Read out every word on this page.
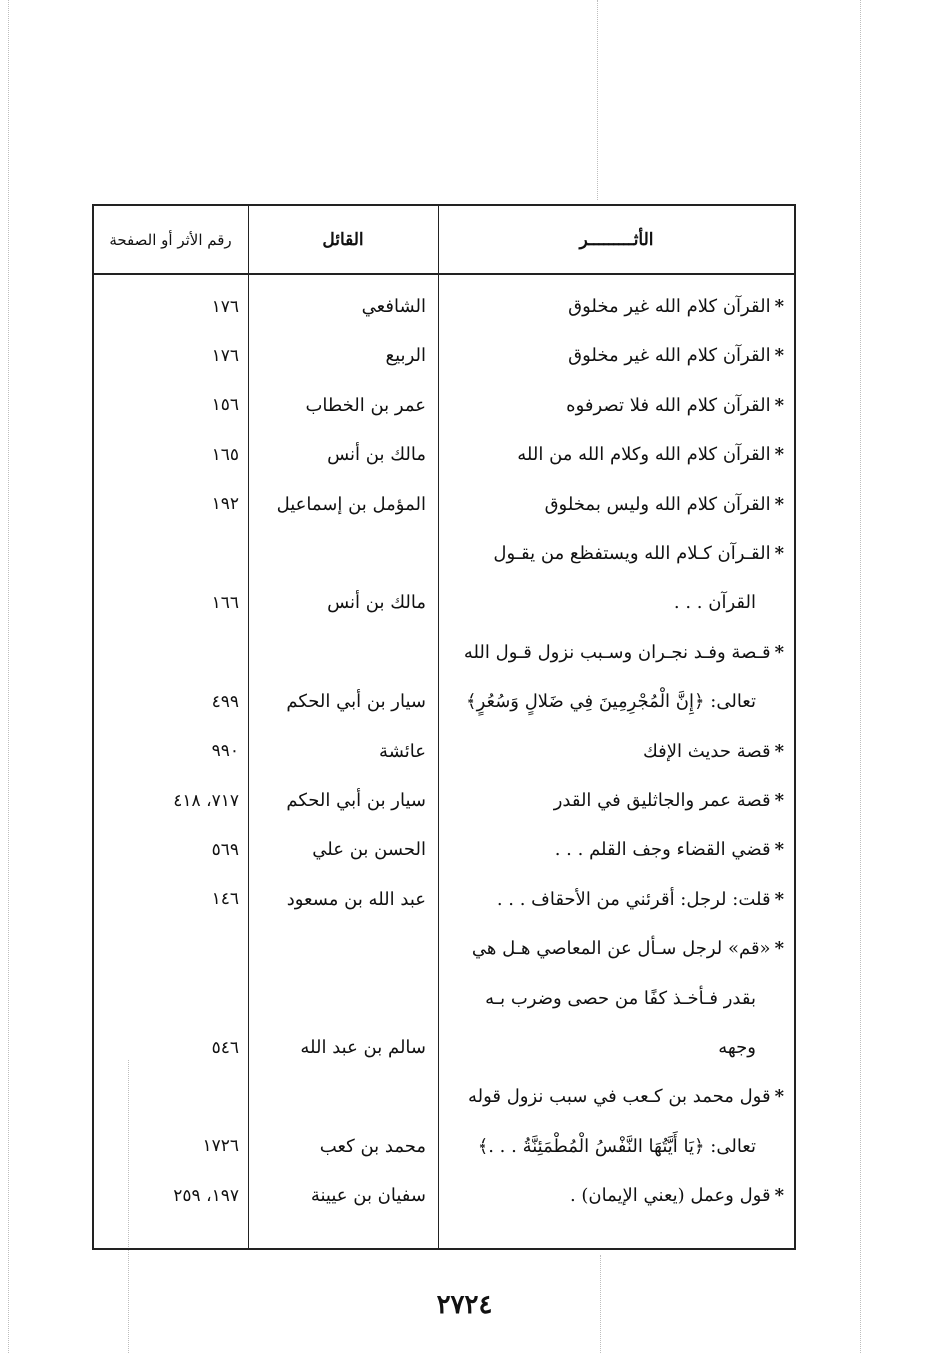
الأثـــــــــر
القائل
رقم الأثر أو الصفحة
*
القرآن كلام الله غير مخلوق
الشافعي
١٧٦
*
القرآن كلام الله غير مخلوق
الربيع
١٧٦
*
القرآن كلام الله فلا تصرفوه
عمر بن الخطاب
١٥٦
*
القرآن كلام الله وكلام الله من الله
مالك بن أنس
١٦٥
*
القرآن كلام الله وليس بمخلوق
المؤمل بن إسماعيل
١٩٢
*
القـرآن كـلام الله ويستفظع من يقـول
القرآن . . .
مالك بن أنس
١٦٦
*
قـصة وفـد نجـران وسـبب نزول قـول الله
تعالى: ﴿إِنَّ الْمُجْرِمِينَ فِي ضَلالٍ وَسُعُرٍ﴾
سيار بن أبي الحكم
٤٩٩
*
قصة حديث الإفك
عائشة
٩٩٠
*
قصة عمر والجاثليق في القدر
سيار بن أبي الحكم
٧١٧، ٤١٨
*
قضي القضاء وجف القلم . . .
الحسن بن علي
٥٦٩
*
قلت: لرجل: أقرئني من الأحقاف . . .
عبد الله بن مسعود
١٤٦
*
«قم» لرجل سـأل عن المعاصي هـل هي
بقدر فـأخـذ كفًا من حصى وضرب بـه
وجهه
سالم بن عبد الله
٥٤٦
*
قول محمد بن كـعب في سبب نزول قوله
تعالى: ﴿يَا أَيَّتُهَا النَّفْسُ الْمُطْمَئِنَّةُ . . .﴾
محمد بن كعب
١٧٢٦
*
قول وعمل (يعني الإيمان) .
سفيان بن عيينة
١٩٧، ٢٥٩
٢٧٢٤
